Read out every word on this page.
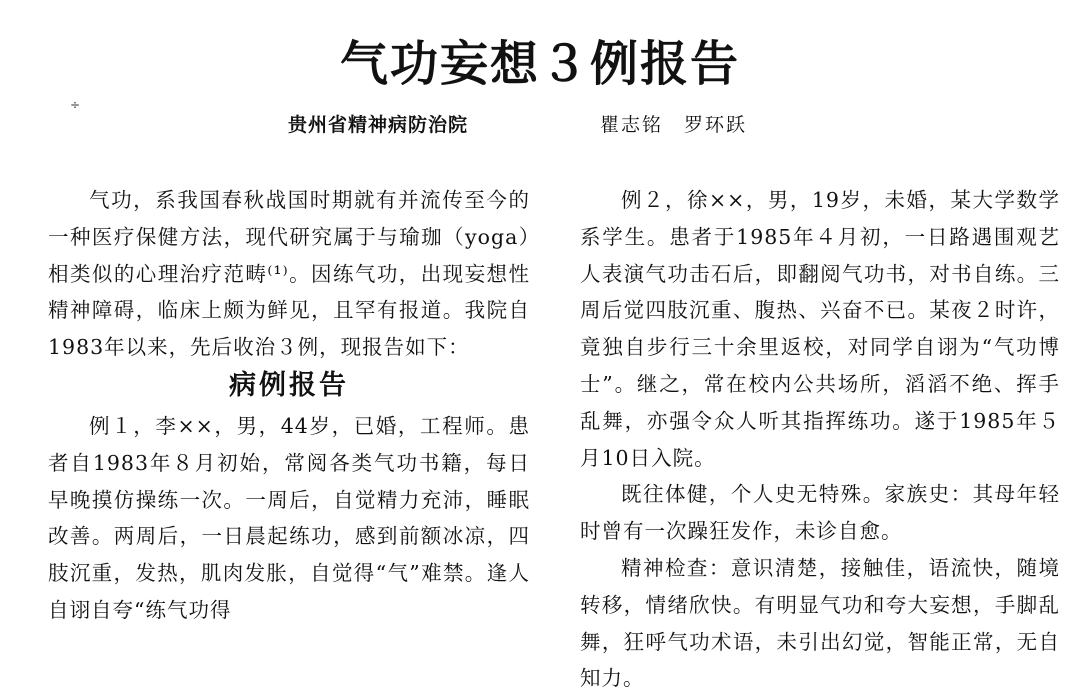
气功妄想３例报告
÷
贵州省精神病防治院	瞿志铭　罗环跃

气功，系我国春秋战国时期就有并流传至今的一种医疗保健方法，现代研究属于与瑜珈（yoga）相类似的心理治疗范畴⁽¹⁾。因练气功，出现妄想性精神障碍，临床上颇为鲜见，且罕有报道。我院自1983年以来，先后收治３例，现报告如下：

病例报告

例１，李××，男，44岁，已婚，工程师。患者自1983年８月初始，常阅各类气功书籍，每日早晚摸仿操练一次。一周后，自觉精力充沛，睡眠改善。两周后，一日晨起练功，感到前额冰凉，四肢沉重，发热，肌肉发胀，自觉得“气”难禁。逢人自诩自夸“练气功得

例２，徐××，男，19岁，未婚，某大学数学系学生。患者于1985年４月初，一日路遇围观艺人表演气功击石后，即翻阅气功书，对书自练。三周后觉四肢沉重、腹热、兴奋不已。某夜２时许，竟独自步行三十余里返校，对同学自诩为“气功博士”。继之，常在校内公共场所，滔滔不绝、挥手乱舞，亦强令众人听其指挥练功。遂于1985年５月10日入院。

既往体健，个人史无特殊。家族史：其母年轻时曾有一次躁狂发作，未诊自愈。

精神检查：意识清楚，接触佳，语流快，随境转移，情绪欣快。有明显气功和夸大妄想，手脚乱舞，狂呼气功术语，未引出幻觉，智能正常，无自知力。
